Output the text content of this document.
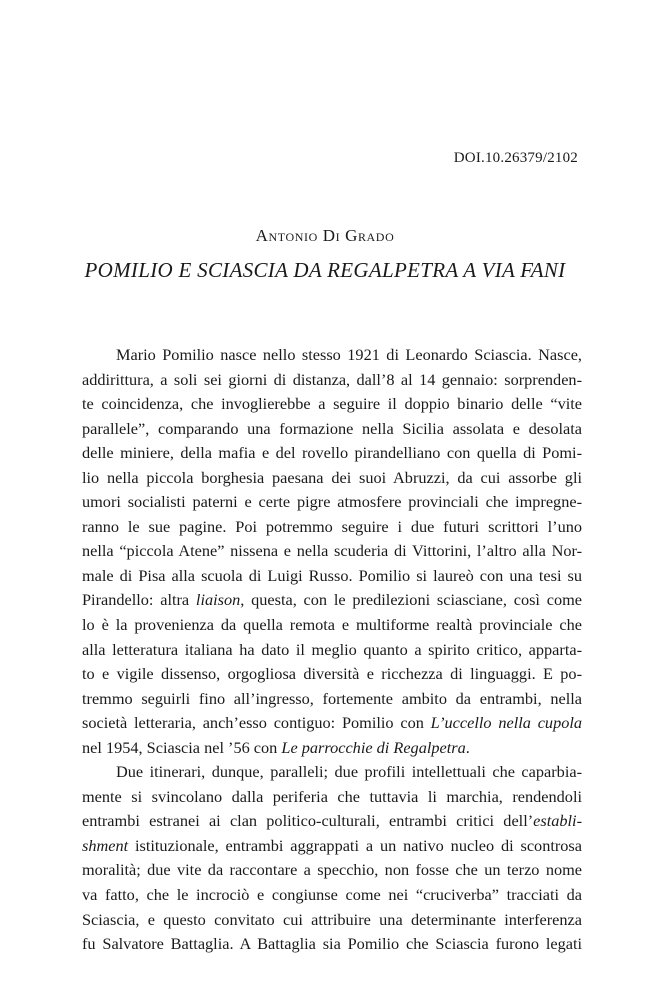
DOI.10.26379/2102
Antonio Di Grado
POMILIO E SCIASCIA DA REGALPETRA A VIA FANI
Mario Pomilio nasce nello stesso 1921 di Leonardo Sciascia. Nasce,
addirittura, a soli sei giorni di distanza, dall’8 al 14 gennaio: sorprenden-
te coincidenza, che invoglierebbe a seguire il doppio binario delle “vite
parallele”, comparando una formazione nella Sicilia assolata e desolata
delle miniere, della mafia e del rovello pirandelliano con quella di Pomi-
lio nella piccola borghesia paesana dei suoi Abruzzi, da cui assorbe gli
umori socialisti paterni e certe pigre atmosfere provinciali che impregne-
ranno le sue pagine. Poi potremmo seguire i due futuri scrittori l’uno
nella “piccola Atene” nissena e nella scuderia di Vittorini, l’altro alla Nor-
male di Pisa alla scuola di Luigi Russo. Pomilio si laureò con una tesi su
Pirandello: altra liaison, questa, con le predilezioni sciasciane, così come
lo è la provenienza da quella remota e multiforme realtà provinciale che
alla letteratura italiana ha dato il meglio quanto a spirito critico, apparta-
to e vigile dissenso, orgogliosa diversità e ricchezza di linguaggi. E po-
tremmo seguirli fino all’ingresso, fortemente ambito da entrambi, nella
società letteraria, anch’esso contiguo: Pomilio con L’uccello nella cupola
nel 1954, Sciascia nel ’56 con Le parrocchie di Regalpetra.
Due itinerari, dunque, paralleli; due profili intellettuali che caparbia-
mente si svincolano dalla periferia che tuttavia li marchia, rendendoli
entrambi estranei ai clan politico-culturali, entrambi critici dell’establi-
shment istituzionale, entrambi aggrappati a un nativo nucleo di scontrosa
moralità; due vite da raccontare a specchio, non fosse che un terzo nome
va fatto, che le incrociò e congiunse come nei “cruciverba” tracciati da
Sciascia, e questo convitato cui attribuire una determinante interferenza
fu Salvatore Battaglia. A Battaglia sia Pomilio che Sciascia furono legati
